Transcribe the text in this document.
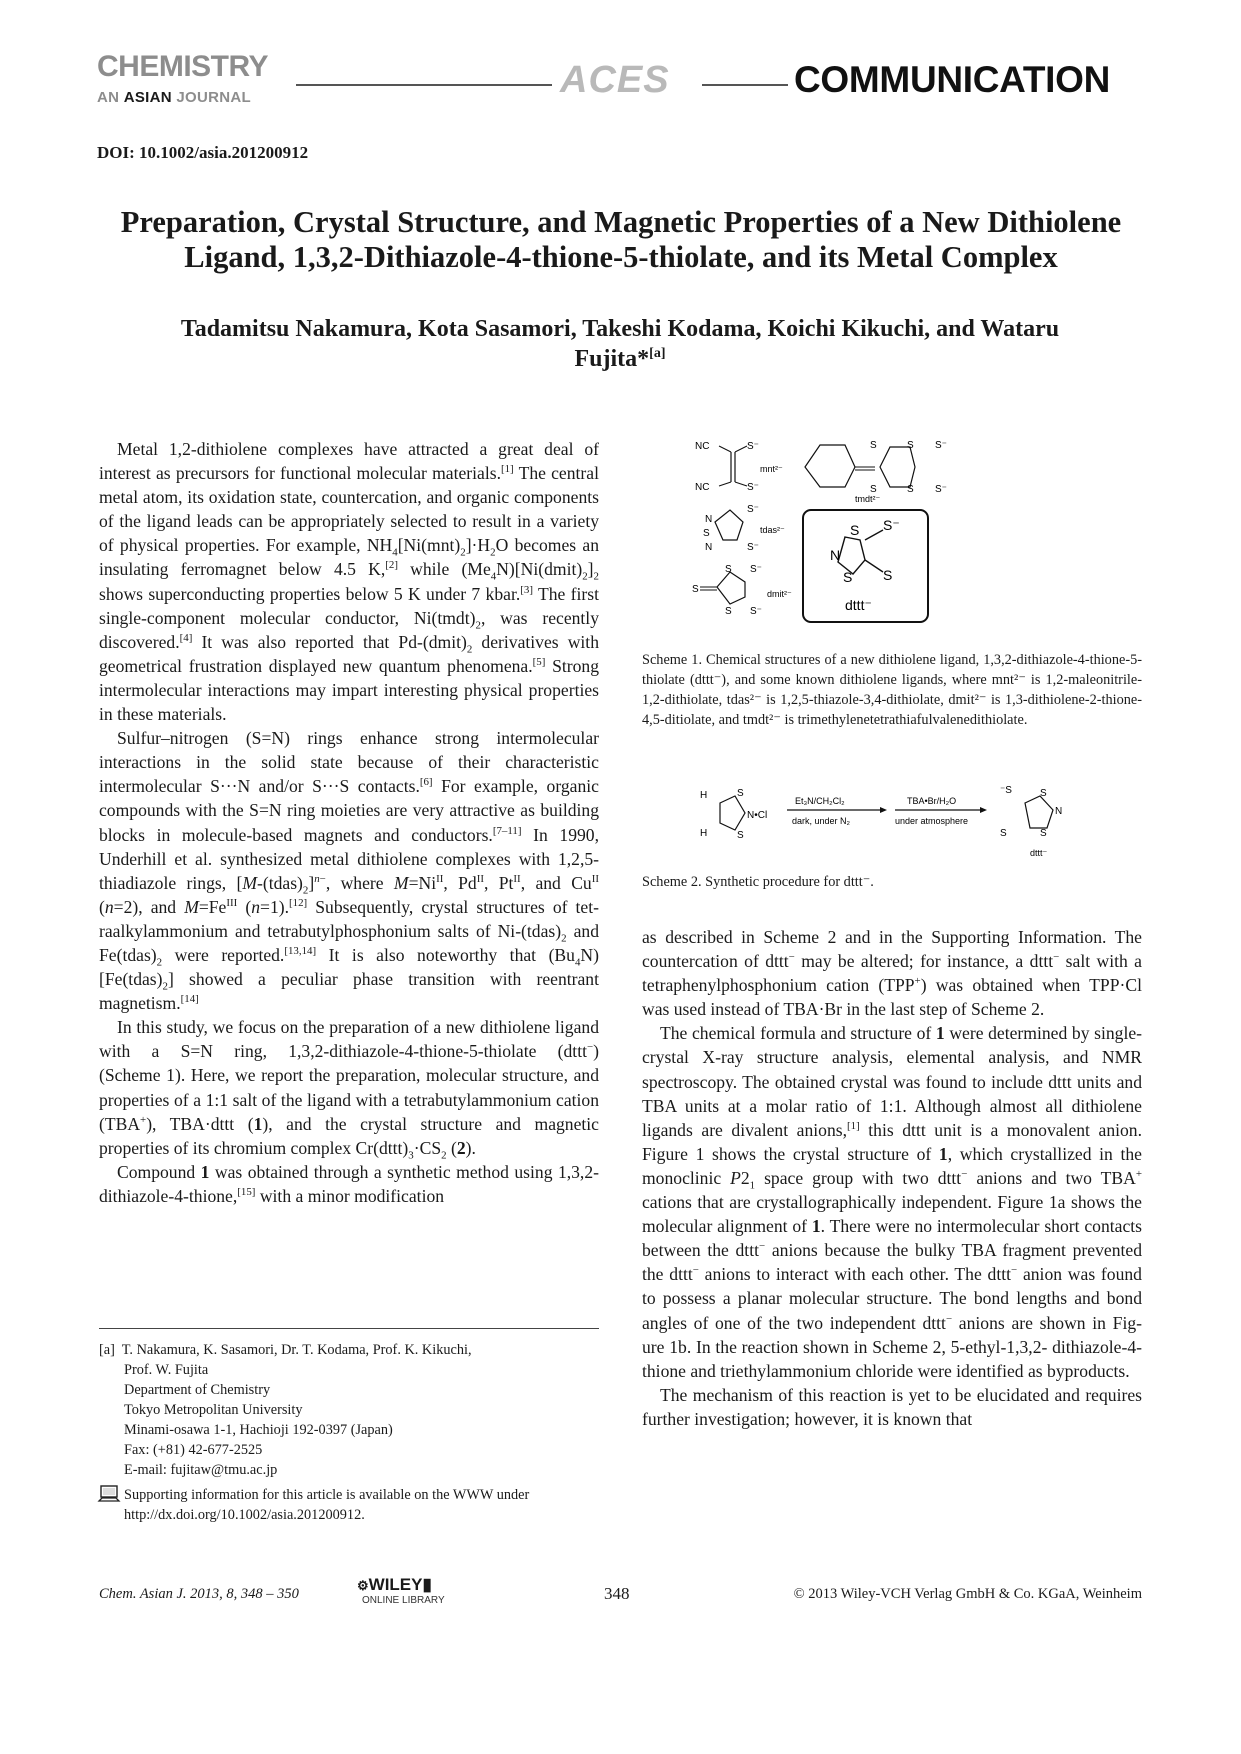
CHEMISTRY
AN ASIAN JOURNAL	ACES	COMMUNICATION
DOI: 10.1002/asia.201200912
Preparation, Crystal Structure, and Magnetic Properties of a New Dithiolene Ligand, 1,3,2-Dithiazole-4-thione-5-thiolate, and its Metal Complex
Tadamitsu Nakamura, Kota Sasamori, Takeshi Kodama, Koichi Kikuchi, and Wataru Fujita*[a]

Metal 1,2-dithiolene complexes have attracted a great deal of interest as precursors for functional molecular materials.[1] The central metal atom, its oxidation state, countercation, and organic components of the ligand leads can be appropriately selected to result in a variety of physical properties. For example, $NH_4[Ni(mnt)_2]\cdot H_2O$ becomes an insulating ferromagnet below 4.5 K,[2] while $(Me_4N)[Ni(dmit)_2]_2$ shows superconducting properties below 5 K under 7 kbar.[3] The first single-component molecular conductor, $Ni(tmdt)_2$, was recently discovered.[4] It was also reported that $Pd-(dmit)_2$ derivatives with geometrical frustration displayed new quantum phenomena.[5] Strong intermolecular interactions may impart interesting physical properties in these materials.

Sulfur–nitrogen (S=N) rings enhance strong intermolecular interactions in the solid state because of their characteristic intermolecular S···N and/or S···S contacts.[6] For example, organic compounds with the S=N ring moieties are very attractive as building blocks in molecule-based magnets and conductors.[7–11] In 1990, Underhill et al. synthesized metal dithiolene complexes with 1,2,5-thiadiazole rings, $[M-(tdas)_2]^{n-}$, where $M=Ni^{II}$, $Pd^{II}$, $Pt^{II}$, and $Cu^{II}$ (n=2), and $M=Fe^{III}$ (n=1).[12] Subsequently, crystal structures of tetraalkylammonium and tetrabutylphosphonium salts of $Ni-(tdas)_2$ and $Fe(tdas)_2$ were reported.[13,14] It is also noteworthy that $(Bu_4N)[Fe(tdas)_2]$ showed a peculiar phase transition with reentrant magnetism.[14]

In this study, we focus on the preparation of a new dithiolene ligand with a S=N ring, 1,3,2-dithiazole-4-thione-5-thiolate (dttt−) (Scheme 1). Here, we report the preparation, molecular structure, and properties of a 1:1 salt of the ligand with a tetrabutylammonium cation (TBA+), TBA·dttt (1), and the crystal structure and magnetic properties of its chromium complex $Cr(dttt)_3\cdot CS_2$ (2).

Compound 1 was obtained through a synthetic method using 1,3,2-dithiazole-4-thione,[15] with a minor modification

[a] T. Nakamura, K. Sasamori, Dr. T. Kodama, Prof. K. Kikuchi,
Prof. W. Fujita
Department of Chemistry
Tokyo Metropolitan University
Minami-osawa 1-1, Hachioji 192-0397 (Japan)
Fax: (+81) 42-677-2525
E-mail: fujitaw@tmu.ac.jp
Supporting information for this article is available on the WWW under http://dx.doi.org/10.1002/asia.201200912.
NC
NC
S⁻
S⁻
mnt²⁻
S
S
S
S
S⁻
S⁻
tmdt²⁻
N
S
N
S⁻
S⁻
tdas²⁻
S
S
S
S⁻
S⁻
dmit²⁻
S
N
S
S⁻
S
dttt⁻
Scheme 1. Chemical structures of a new dithiolene ligand, 1,3,2-dithiazole-4-thione-5-thiolate (dttt⁻), and some known dithiolene ligands, where mnt²⁻ is 1,2-maleonitrile-1,2-dithiolate, tdas²⁻ is 1,2,5-thiazole-3,4-dithiolate, dmit²⁻ is 1,3-dithiolene-2-thione-4,5-ditiolate, and tmdt²⁻ is trimethylenetetrathiafulvalenedithiolate.
H
H
S
S
N•Cl
Et₃N/CH₂Cl₂
dark, under N₂
TBA•Br/H₂O
under atmosphere
⁻S	S
N
S
S
dttt⁻
Scheme 2. Synthetic procedure for dttt⁻.

as described in Scheme 2 and in the Supporting Information. The countercation of dttt− may be altered; for instance, a dttt− salt with a tetraphenylphosphonium cation (TPP+) was obtained when TPP·Cl was used instead of TBA·Br in the last step of Scheme 2.

The chemical formula and structure of 1 were determined by single-crystal X-ray structure analysis, elemental analysis, and NMR spectroscopy. The obtained crystal was found to include dttt units and TBA units at a molar ratio of 1:1. Although almost all dithiolene ligands are divalent anions,[1] this dttt unit is a monovalent anion. Figure 1 shows the crystal structure of 1, which crystallized in the monoclinic $P2_1$ space group with two dttt− anions and two TBA+ cations that are crystallographically independent. Figure 1a shows the molecular alignment of 1. There were no intermolecular short contacts between the dttt− anions because the bulky TBA fragment prevented the dttt− anions to interact with each other. The dttt− anion was found to possess a planar molecular structure. The bond lengths and bond angles of one of the two independent dttt− anions are shown in Figure 1b. In the reaction shown in Scheme 2, 5-ethyl-1,3,2- dithiazole-4-thione and triethylammonium chloride were identified as byproducts.

The mechanism of this reaction is yet to be elucidated and requires further investigation; however, it is known that

Chem. Asian J. 2013, 8, 348 – 350
⚙WILEY▮
ONLINE LIBRARY	348	© 2013 Wiley-VCH Verlag GmbH & Co. KGaA, Weinheim
